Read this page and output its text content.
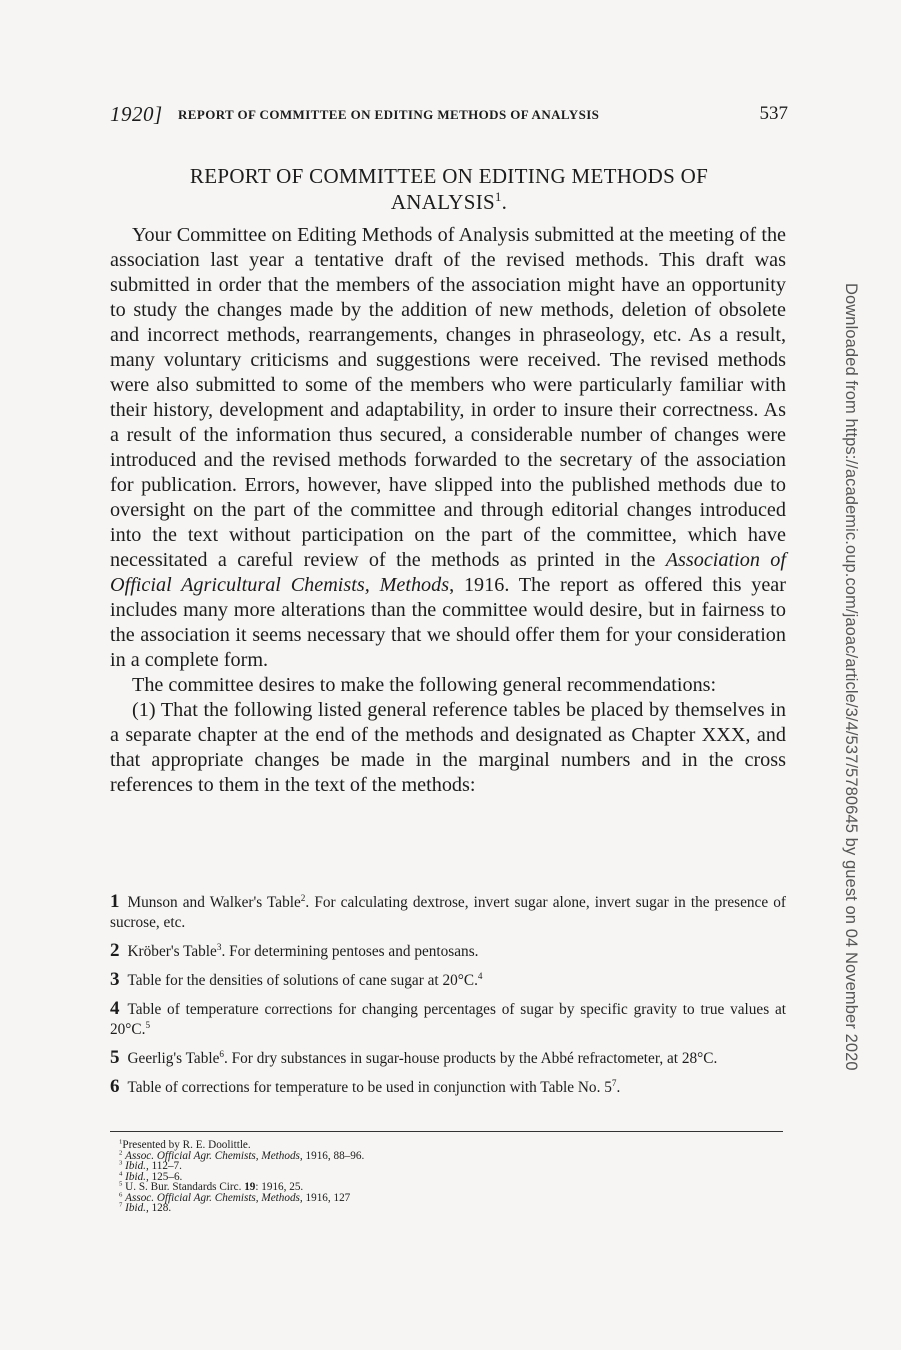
1920] REPORT OF COMMITTEE ON EDITING METHODS OF ANALYSIS	537
REPORT OF COMMITTEE ON EDITING METHODS OF
ANALYSIS$^1$.

Your Committee on Editing Methods of Analysis submitted at the meeting of the association last year a tentative draft of the revised methods. This draft was submitted in order that the members of the association might have an opportunity to study the changes made by the addition of new methods, deletion of obsolete and incorrect methods, rearrangements, changes in phraseology, etc. As a result, many voluntary criticisms and suggestions were received. The revised methods were also submitted to some of the members who were particularly familiar with their history, development and adaptability, in order to insure their correctness. As a result of the information thus secured, a considerable number of changes were introduced and the revised methods forwarded to the secretary of the association for publication. Errors, however, have slipped into the published methods due to oversight on the part of the committee and through editorial changes introduced into the text without participation on the part of the committee, which have necessitated a careful review of the methods as printed in the Association of Official Agricultural Chemists, Methods, 1916. The report as offered this year includes many more alterations than the committee would desire, but in fairness to the association it seems necessary that we should offer them for your consideration in a complete form.

The committee desires to make the following general recommendations:

(1) That the following listed general reference tables be placed by themselves in a separate chapter at the end of the methods and designated as Chapter XXX, and that appropriate changes be made in the marginal numbers and in the cross references to them in the text of the methods:

1 Munson and Walker's Table$^2$. For calculating dextrose, invert sugar alone, invert sugar in the presence of sucrose, etc.
2 Kröber's Table$^3$. For determining pentoses and pentosans.
3 Table for the densities of solutions of cane sugar at 20°C.$^4$
4 Table of temperature corrections for changing percentages of sugar by specific gravity to true values at 20°C.$^5$
5 Geerlig's Table$^6$. For dry substances in sugar-house products by the Abbé refractometer, at 28°C.
6 Table of corrections for temperature to be used in conjunction with Table No. $5^7$.
$^1$Presented by R. E. Doolittle.
$^2$ Assoc. Official Agr. Chemists, Methods, 1916, 88–96.
$^3$ Ibid., 112–7.
$^4$ Ibid., 125–6.
$^5$ U. S. Bur. Standards Circ. 19: 1916, 25.
$^6$ Assoc. Official Agr. Chemists, Methods, 1916, 127
$^7$ Ibid., 128.
Downloaded from https://academic.oup.com/jaoac/article/3/4/537/5780645 by guest on 04 November 2020
